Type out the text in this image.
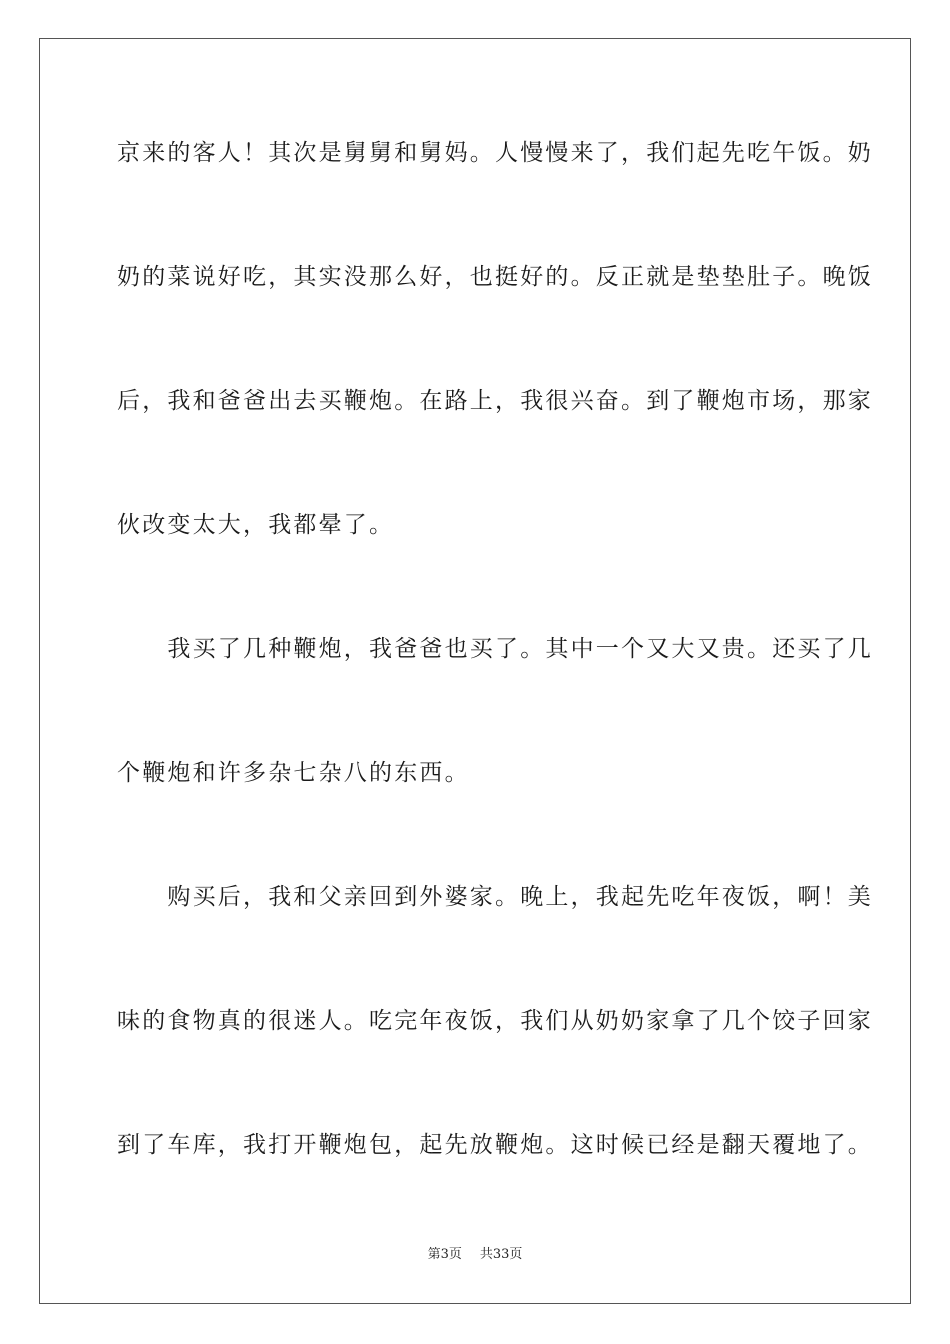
京来的客人！其次是舅舅和舅妈。人慢慢来了，我们起先吃午饭。奶
奶的菜说好吃，其实没那么好，也挺好的。反正就是垫垫肚子。晚饭
后，我和爸爸出去买鞭炮。在路上，我很兴奋。到了鞭炮市场，那家
伙改变太大，我都晕了。
　　我买了几种鞭炮，我爸爸也买了。其中一个又大又贵。还买了几
个鞭炮和许多杂七杂八的东西。
　　购买后，我和父亲回到外婆家。晚上，我起先吃年夜饭，啊！美
味的食物真的很迷人。吃完年夜饭，我们从奶奶家拿了几个饺子回家
到了车库，我打开鞭炮包，起先放鞭炮。这时候已经是翻天覆地了。
第3页 共33页
